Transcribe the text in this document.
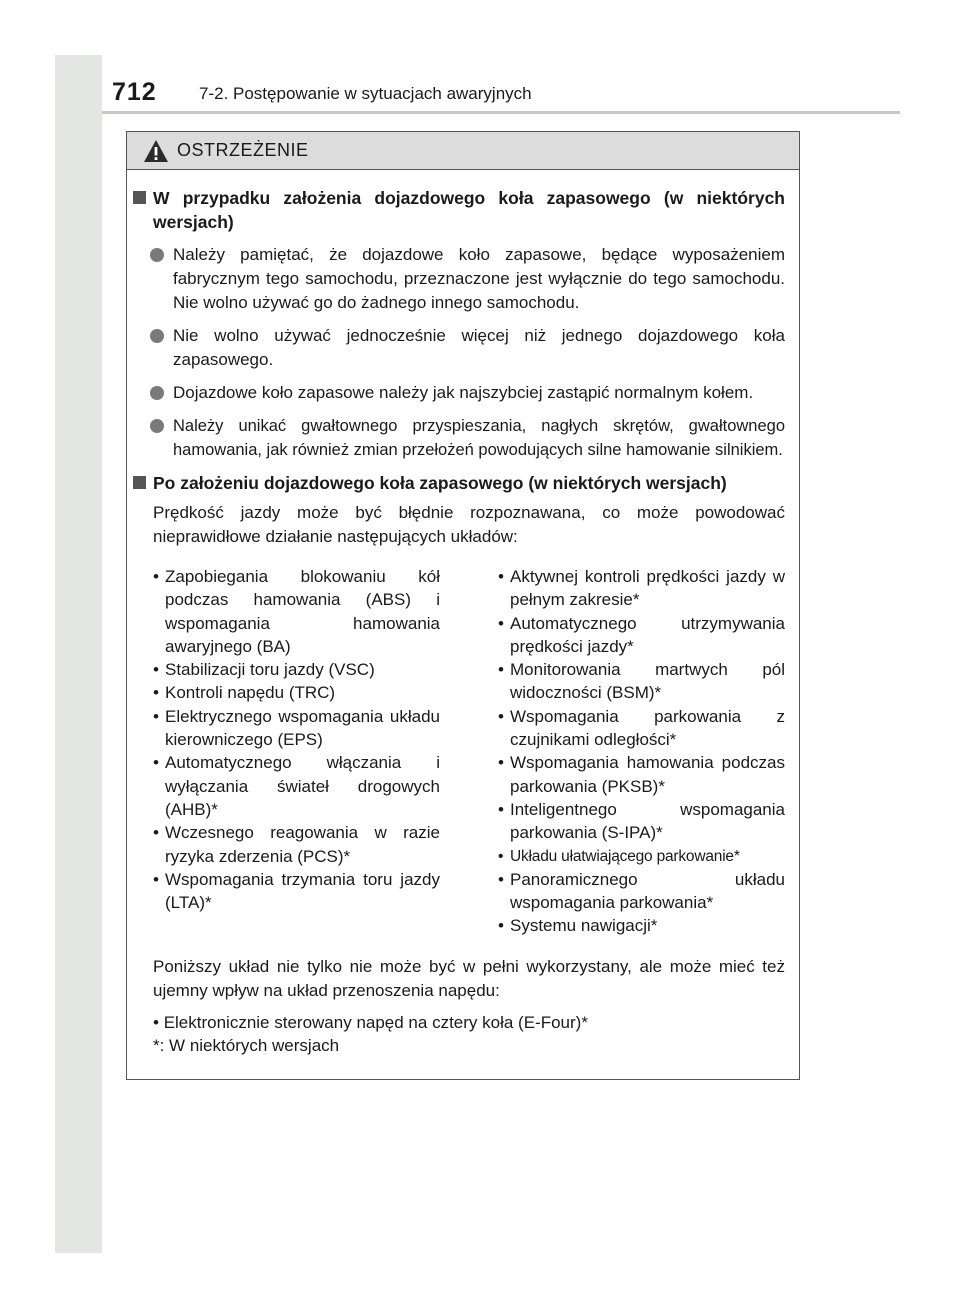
712 7-2. Postępowanie w sytuacjach awaryjnych
OSTRZEŻENIE
W przypadku założenia dojazdowego koła zapasowego (w niektórych wersjach)
Należy pamiętać, że dojazdowe koło zapasowe, będące wyposażeniem fabrycznym tego samochodu, przeznaczone jest wyłącznie do tego samochodu. Nie wolno używać go do żadnego innego samochodu.
Nie wolno używać jednocześnie więcej niż jednego dojazdowego koła zapasowego.
Dojazdowe koło zapasowe należy jak najszybciej zastąpić normalnym kołem.
Należy unikać gwałtownego przyspieszania, nagłych skrętów, gwałtownego hamowania, jak również zmian przełożeń powodujących silne hamowanie silnikiem.
Po założeniu dojazdowego koła zapasowego (w niektórych wersjach)
Prędkość jazdy może być błędnie rozpoznawana, co może powodować nieprawidłowe działanie następujących układów:
• Zapobiegania blokowaniu kół podczas hamowania (ABS) i wspomagania hamowania awaryjnego (BA)
• Stabilizacji toru jazdy (VSC)
• Kontroli napędu (TRC)
• Elektrycznego wspomagania układu kierowniczego (EPS)
• Automatycznego włączania i wyłączania świateł drogowych (AHB)*
• Wczesnego reagowania w razie ryzyka zderzenia (PCS)*
• Wspomagania trzymania toru jazdy (LTA)*
• Aktywnej kontroli prędkości jazdy w pełnym zakresie*
• Automatycznego utrzymywania prędkości jazdy*
• Monitorowania martwych pól widoczności (BSM)*
• Wspomagania parkowania z czujnikami odległości*
• Wspomagania hamowania podczas parkowania (PKSB)*
• Inteligentnego wspomagania parkowania (S-IPA)*
• Układu ułatwiającego parkowanie*
• Panoramicznego układu wspomagania parkowania*
• Systemu nawigacji*
Poniższy układ nie tylko nie może być w pełni wykorzystany, ale może mieć też ujemny wpływ na układ przenoszenia napędu:
• Elektronicznie sterowany napęd na cztery koła (E-Four)*
*: W niektórych wersjach
